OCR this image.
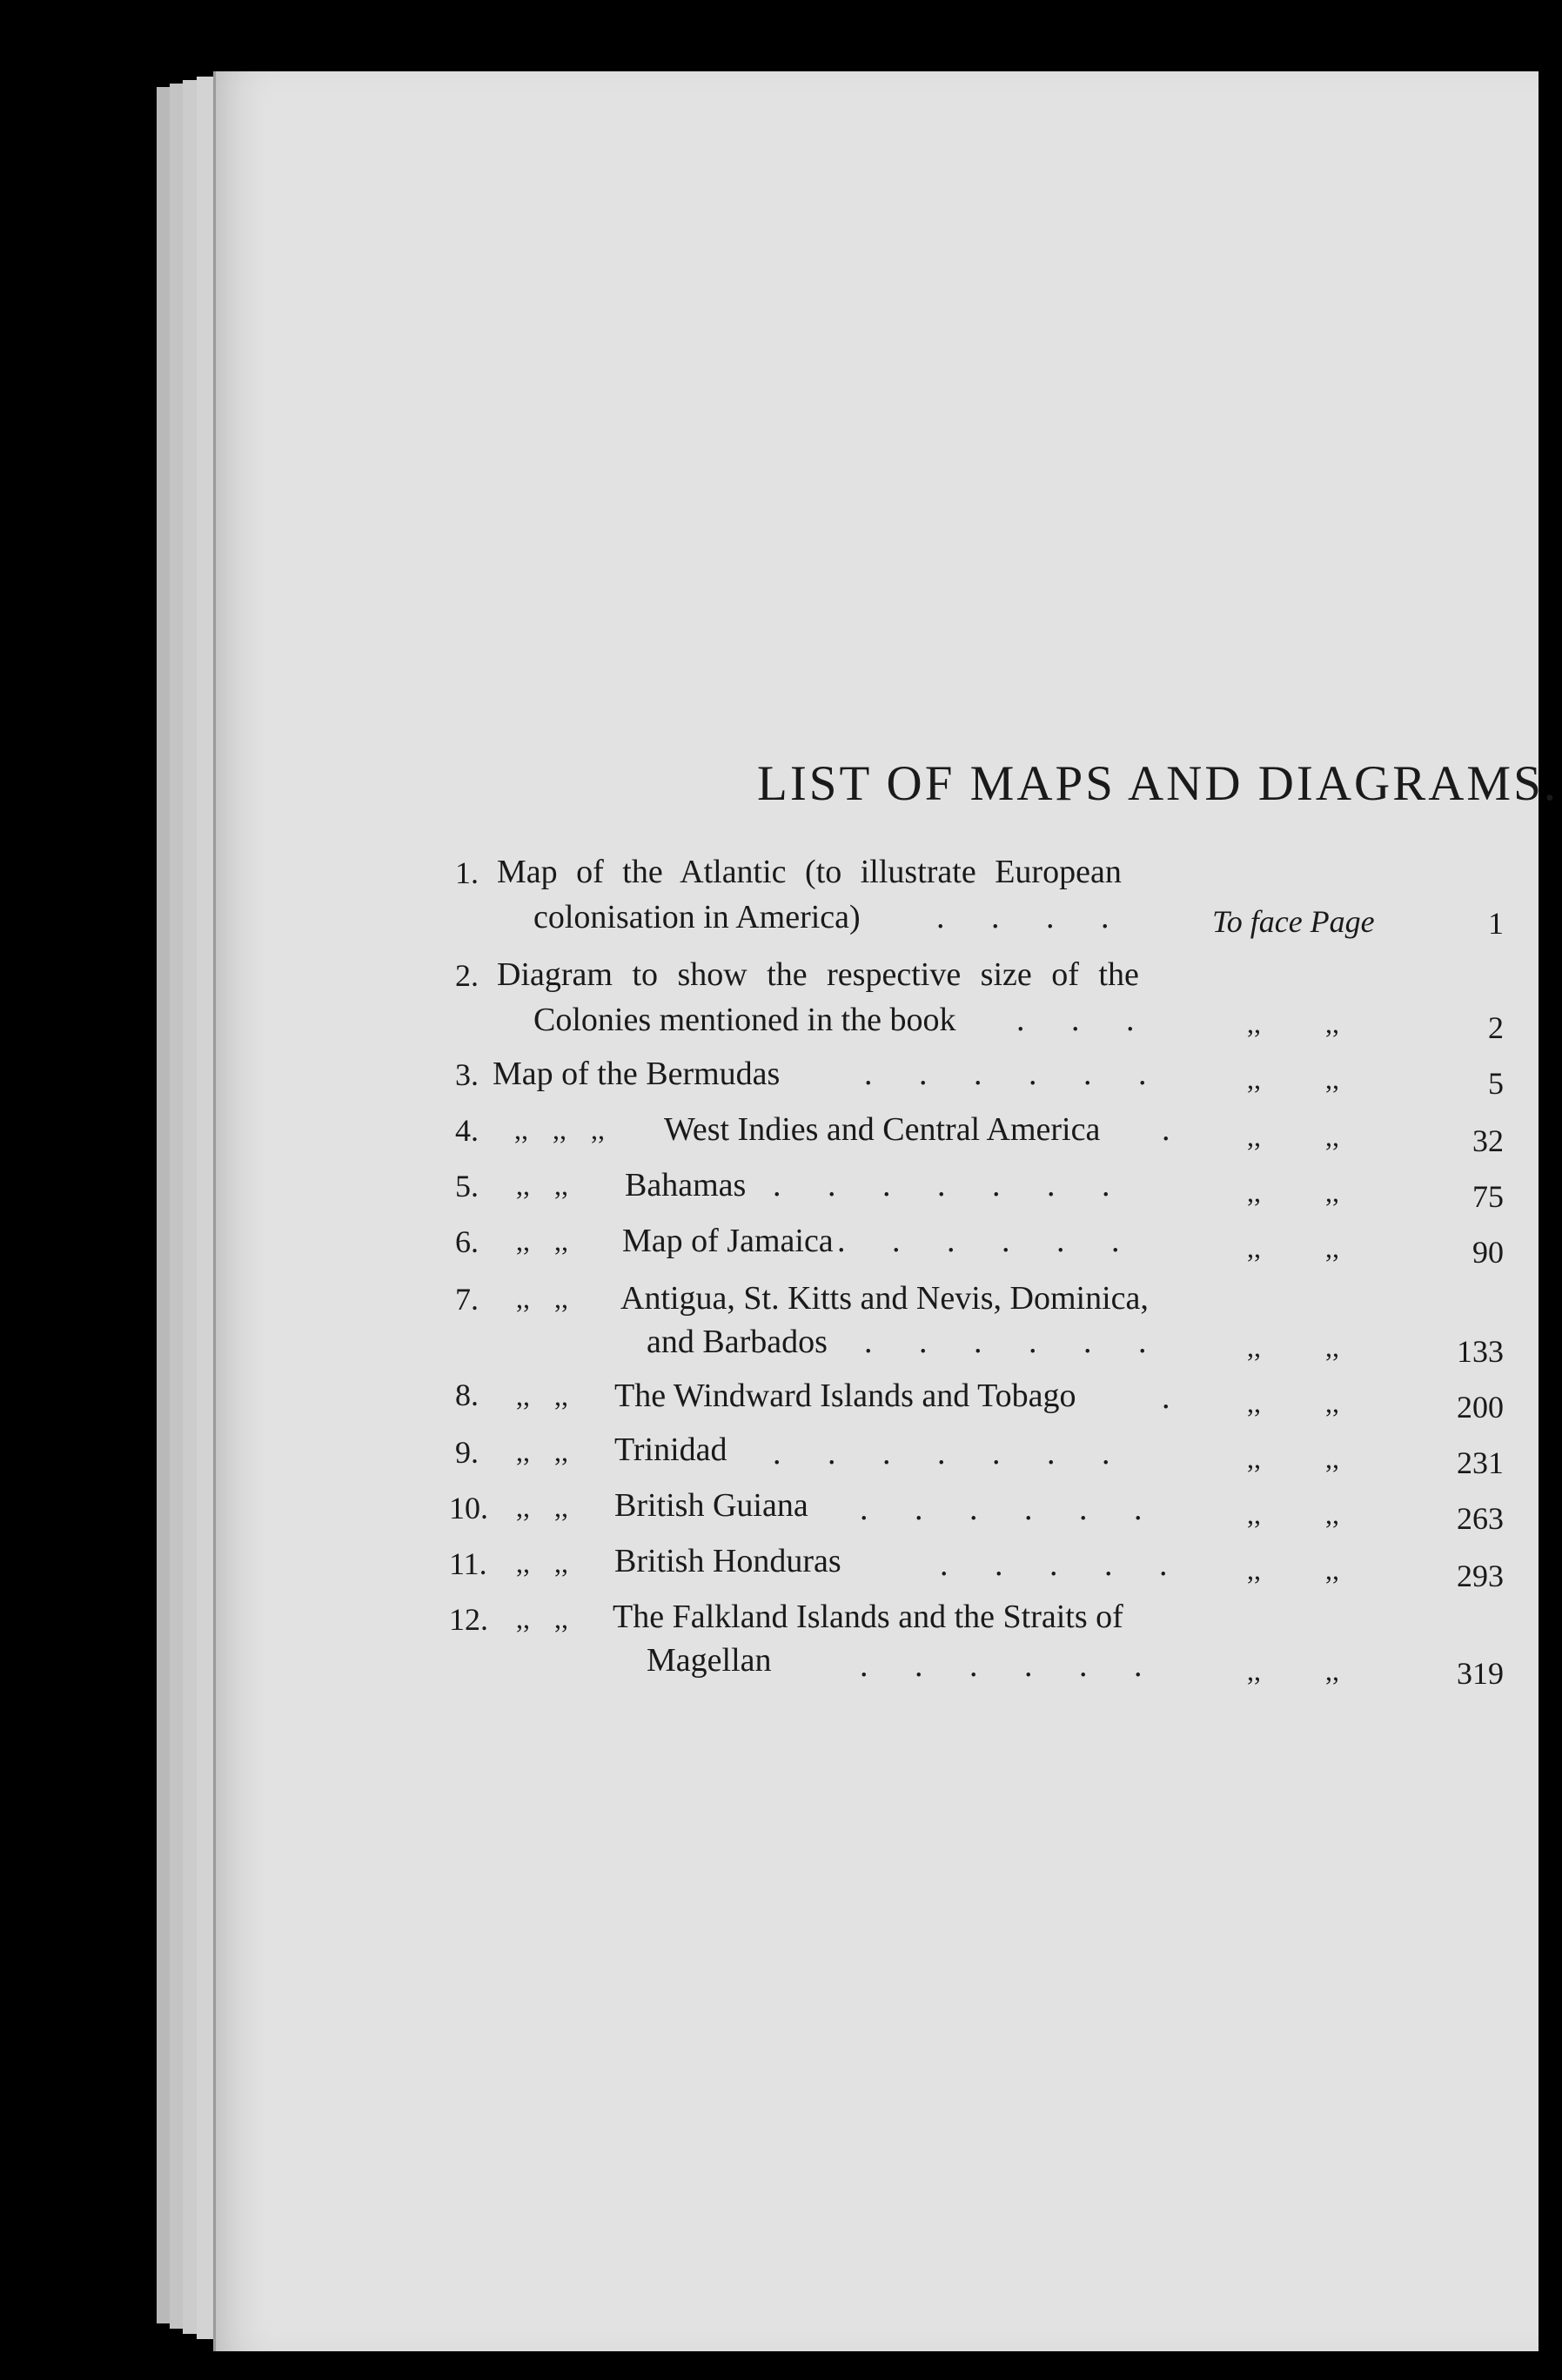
LIST OF MAPS AND DIAGRAMS.
1. Map of the Atlantic (to illustrate European
colonisation in America) . . . .	To face Page	1
2. Diagram to show the respective size of the
Colonies mentioned in the book . . .	,, ,,	2
3. Map of the Bermudas	. . . . . .	,, ,,	5
4. ,, ,, ,, West Indies and Central America . ,, ,,	32
5. ,, ,, Bahamas . . . . . . .	,, ,,	75
6. ,, ,, Map of Jamaica . . . . . .	,, ,,	90
7. ,, ,, Antigua, St. Kitts and Nevis, Dominica,
and Barbados . . . . . .	,, ,,	133
8. ,, ,, The Windward Islands and Tobago	. ,, ,,	200
9. ,, ,, Trinidad . . . . . . .	,, ,,	231
10. ,, ,, British Guiana . . . . . .	,, ,,	263
11. ,, ,, British Honduras	. . . . . ,, ,,	293
12. ,, ,, The Falkland Islands and the Straits of
Magellan	. . . . . .	,, ,,	319
